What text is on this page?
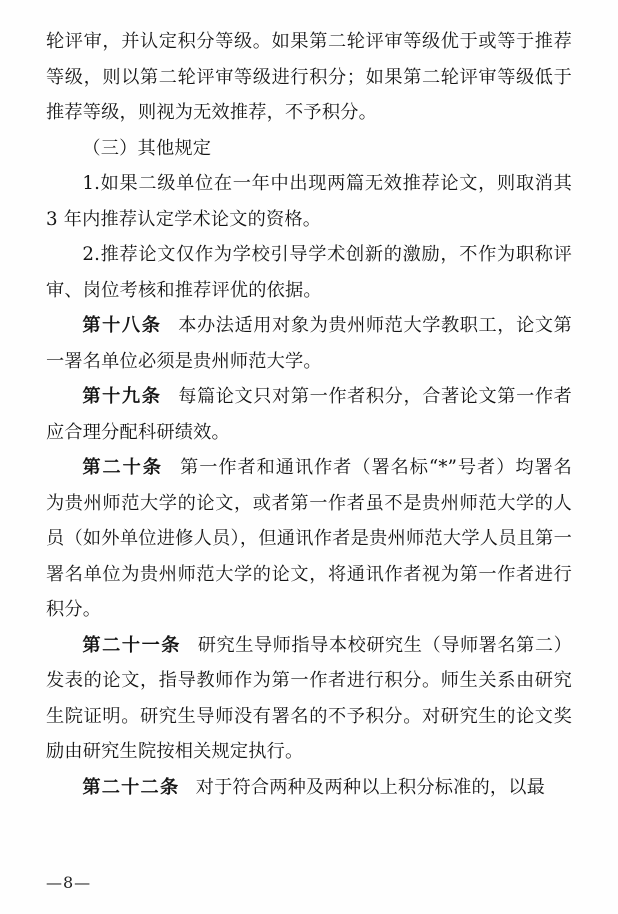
轮评审，并认定积分等级。如果第二轮评审等级优于或等于推荐等级，则以第二轮评审等级进行积分；如果第二轮评审等级低于推荐等级，则视为无效推荐，不予积分。

（三）其他规定

1.如果二级单位在一年中出现两篇无效推荐论文，则取消其 3 年内推荐认定学术论文的资格。

2.推荐论文仅作为学校引导学术创新的激励，不作为职称评审、岗位考核和推荐评优的依据。

第十八条 本办法适用对象为贵州师范大学教职工，论文第一署名单位必须是贵州师范大学。

第十九条 每篇论文只对第一作者积分，合著论文第一作者应合理分配科研绩效。

第二十条 第一作者和通讯作者（署名标“*”号者）均署名为贵州师范大学的论文，或者第一作者虽不是贵州师范大学的人员（如外单位进修人员），但通讯作者是贵州师范大学人员且第一署名单位为贵州师范大学的论文，将通讯作者视为第一作者进行积分。

第二十一条 研究生导师指导本校研究生（导师署名第二）发表的论文，指导教师作为第一作者进行积分。师生关系由研究生院证明。研究生导师没有署名的不予积分。对研究生的论文奖励由研究生院按相关规定执行。

第二十二条 对于符合两种及两种以上积分标准的，以最

—8—
